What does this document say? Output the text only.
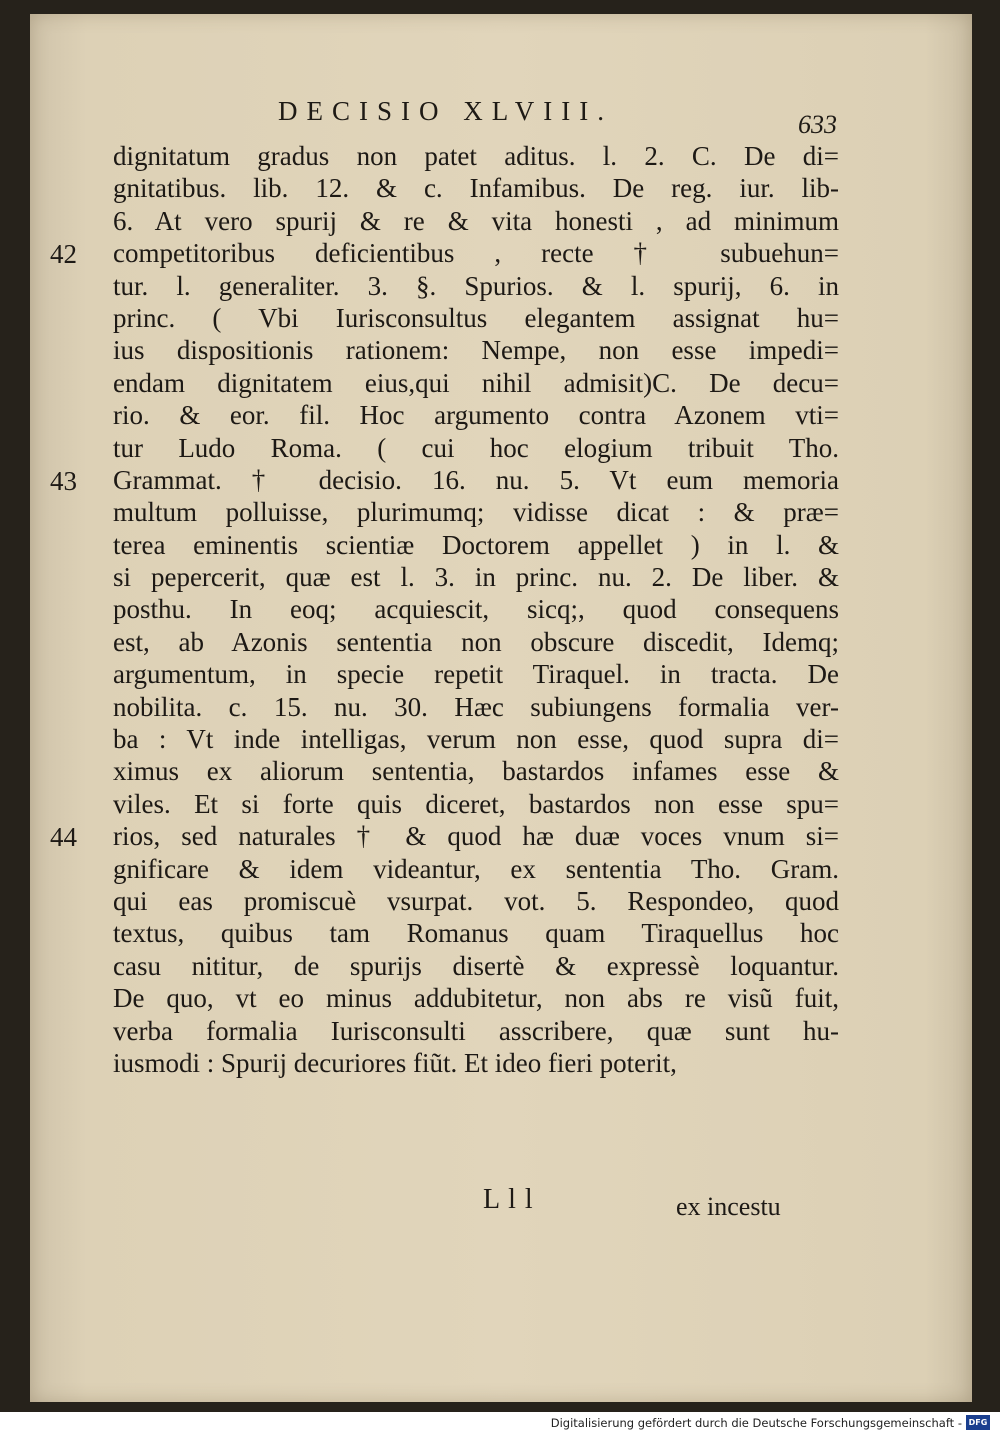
DECISIO XLVIII.	633
dignitatum gradus non patet aditus. l. 2. C. De di=
gnitatibus. lib. 12. & c. Infamibus. De reg. iur. lib-
6. At vero spurij & re & vita honesti , ad minimum
competitoribus deficientibus , recte † subuehun=
tur. l. generaliter. 3. §. Spurios. & l. spurij, 6. in
princ. ( Vbi Iurisconsultus elegantem assignat hu=
ius dispositionis rationem: Nempe, non esse impedi=
endam dignitatem eius,qui nihil admisit)C. De decu=
rio. & eor. fil. Hoc argumento contra Azonem vti=
tur Ludo Roma. ( cui hoc elogium tribuit Tho.
Grammat. † decisio. 16. nu. 5. Vt eum memoria
multum polluisse, plurimumq; vidisse dicat : & præ=
terea eminentis scientiæ Doctorem appellet ) in l. &
si pepercerit, quæ est l. 3. in princ. nu. 2. De liber. &
posthu. In eoq; acquiescit, sicq;, quod consequens
est, ab Azonis sententia non obscure discedit, Idemq;
argumentum, in specie repetit Tiraquel. in tracta. De
nobilita. c. 15. nu. 30. Hæc subiungens formalia ver-
ba : Vt inde intelligas, verum non esse, quod supra di=
ximus ex aliorum sententia, bastardos infames esse &
viles. Et si forte quis diceret, bastardos non esse spu=
rios, sed naturales † & quod hæ duæ voces vnum si=
gnificare & idem videantur, ex sententia Tho. Gram.
qui eas promiscuè vsurpat. vot. 5. Respondeo, quod
textus, quibus tam Romanus quam Tiraquellus hoc
casu nititur, de spurijs disertè & expressè loquantur.
De quo, vt eo minus addubitetur, non abs re visũ fuit,
verba formalia Iurisconsulti asscribere, quæ sunt hu-
iusmodi : Spurij decuriores fiũt. Et ideo fieri poterit,
42
43
44
L l l	ex incestu
Digitalisierung gefördert durch die Deutsche Forschungsgemeinschaft - DFG
